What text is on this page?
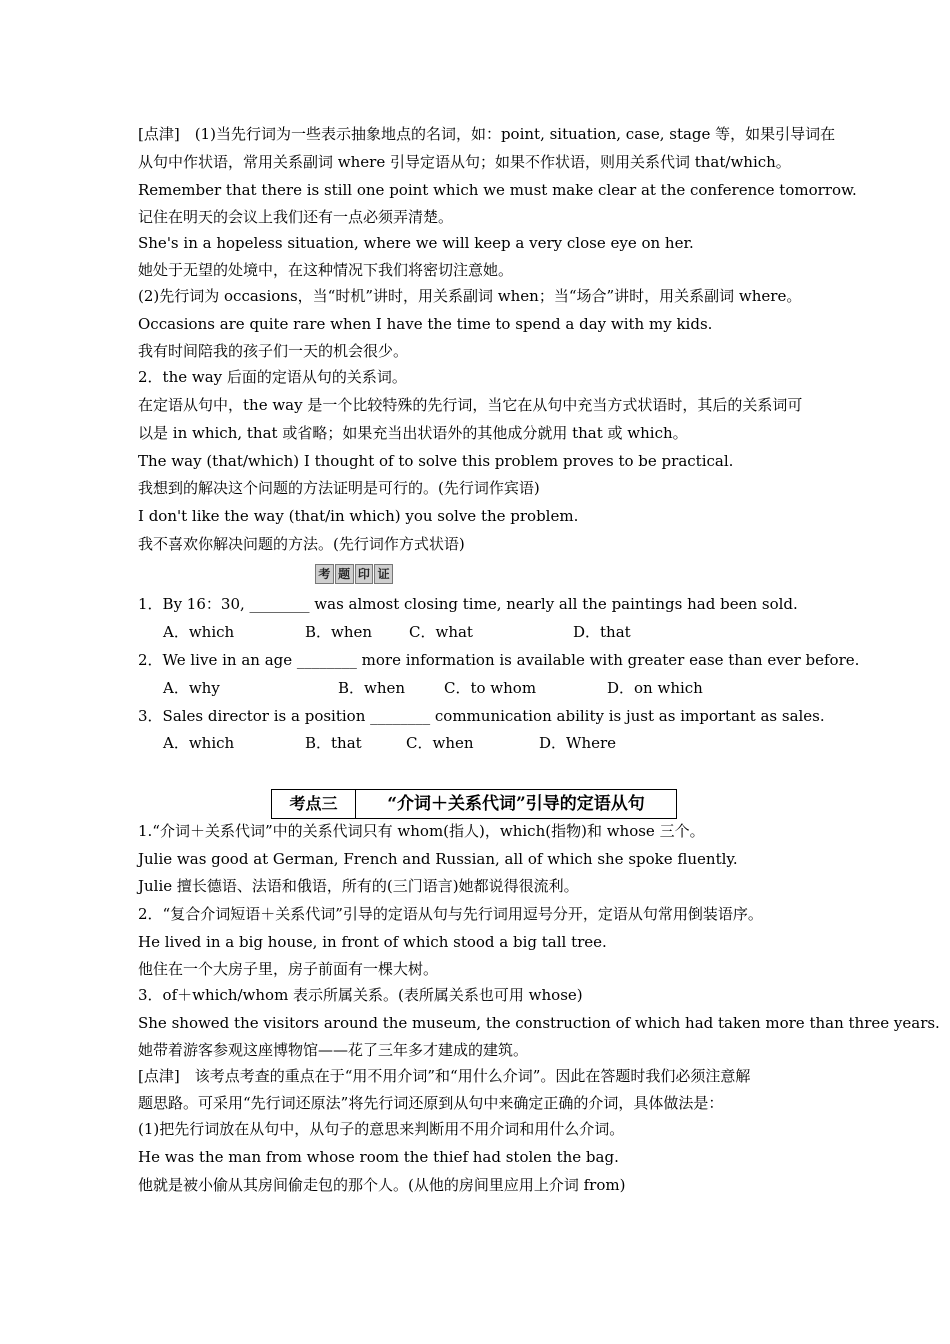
[点津]　(1)当先行词为一些表示抽象地点的名词，如：point, situation, case, stage 等，如果引导词在
从句中作状语，常用关系副词 where 引导定语从句；如果不作状语，则用关系代词 that/which。
Remember that there is still one point which we must make clear at the conference tomorrow.
记住在明天的会议上我们还有一点必须弄清楚。
She's in a hopeless situation, where we will keep a very close eye on her.
她处于无望的处境中，在这种情况下我们将密切注意她。
(2)先行词为 occasions，当“时机”讲时，用关系副词 when；当“场合”讲时，用关系副词 where。
Occasions are quite rare when I have the time to spend a day with my kids.
我有时间陪我的孩子们一天的机会很少。
2．the way 后面的定语从句的关系词。
在定语从句中，the way 是一个比较特殊的先行词，当它在从句中充当方式状语时，其后的关系词可
以是 in which, that 或省略；如果充当出状语外的其他成分就用 that 或 which。
The way (that/which) I thought of to solve this problem proves to be practical.
我想到的解决这个问题的方法证明是可行的。(先行词作宾语)
I don't like the way (that/in which) you solve the problem.
我不喜欢你解决问题的方法。(先行词作方式状语)
1．By 16：30, ________ was almost closing time, nearly all the paintings had been sold.
A．which	B．when C．what	D．that
2．We live in an age ________ more information is available with greater ease than ever before.
A．why	B．when	C．to whom	D．on which
3．Sales director is a position ________ communication ability is just as important as sales.
A．which	B．that	C．when	D．Where
1.“介词＋关系代词”中的关系代词只有 whom(指人)，which(指物)和 whose 三个。
Julie was good at German, French and Russian, all of which she spoke fluently.
Julie 擅长德语、法语和俄语，所有的(三门语言)她都说得很流利。
2．“复合介词短语＋关系代词”引导的定语从句与先行词用逗号分开，定语从句常用倒装语序。
He lived in a big house, in front of which stood a big tall tree.
他住在一个大房子里，房子前面有一棵大树。
3．of＋which/whom 表示所属关系。(表所属关系也可用 whose)
She showed the visitors around the museum, the construction of which had taken more than three years.
她带着游客参观这座博物馆——花了三年多才建成的建筑。
[点津]　该考点考查的重点在于“用不用介词”和“用什么介词”。因此在答题时我们必须注意解
题思路。可采用“先行词还原法”将先行词还原到从句中来确定正确的介词，具体做法是：
(1)把先行词放在从句中，从句子的意思来判断用不用介词和用什么介词。
He was the man from whose room the thief had stolen the bag.
他就是被小偷从其房间偷走包的那个人。(从他的房间里应用上介词 from)
考 题 印 证
考点三	“介词＋关系代词”引导的定语从句
